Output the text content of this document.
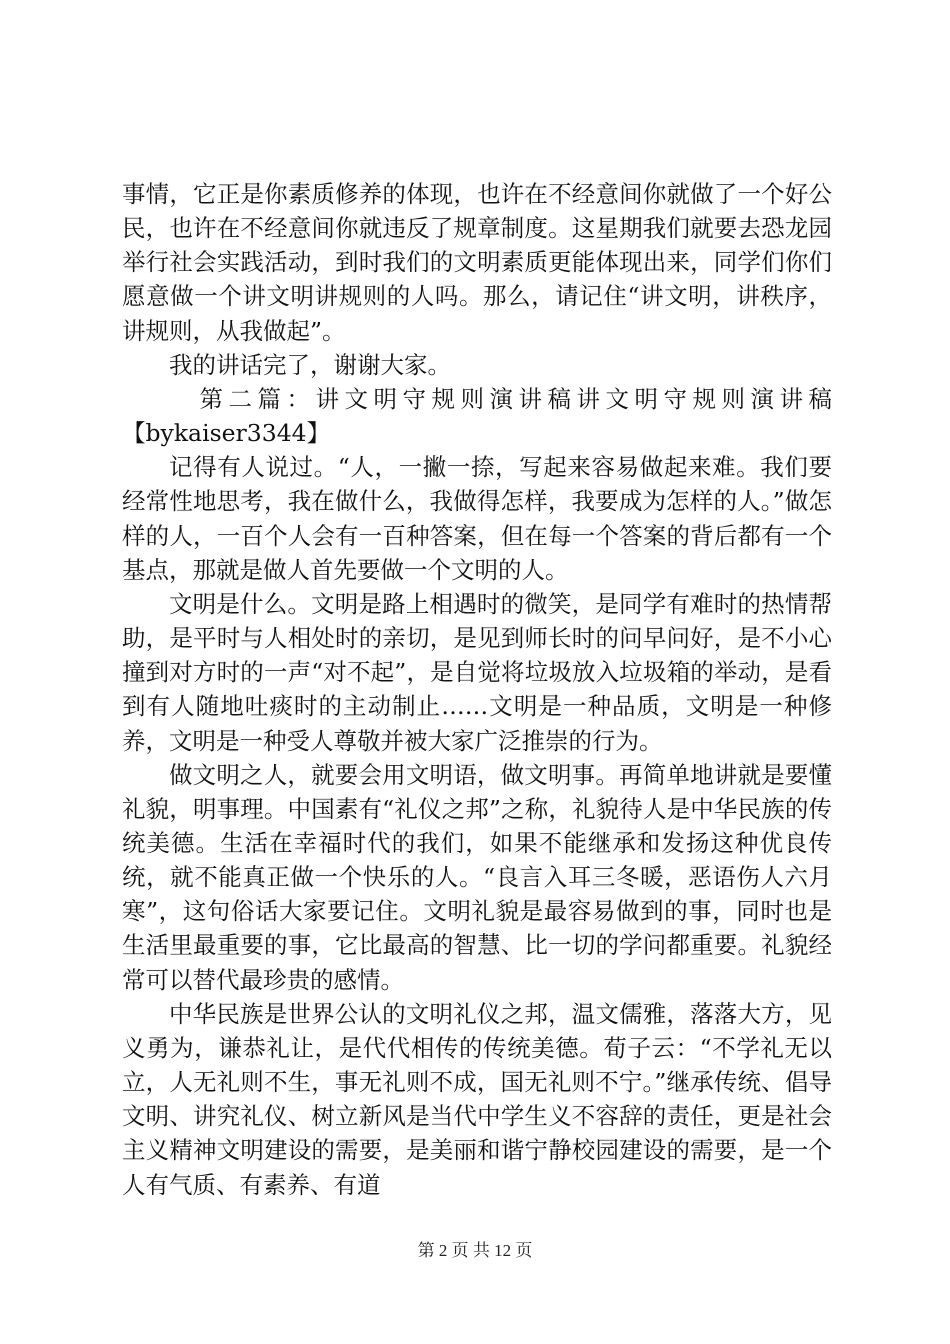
事情，它正是你素质修养的体现，也许在不经意间你就做了一个好公民，也许在不经意间你就违反了规章制度。这星期我们就要去恐龙园举行社会实践活动，到时我们的文明素质更能体现出来，同学们你们愿意做一个讲文明讲规则的人吗。那么，请记住“讲文明，讲秩序，讲规则，从我做起”。

我的讲话完了，谢谢大家。

第二篇：讲文明守规则演讲稿讲文明守规则演讲稿【bykaiser3344】

记得有人说过。“人，一撇一捺，写起来容易做起来难。我们要经常性地思考，我在做什么，我做得怎样，我要成为怎样的人。”做怎样的人，一百个人会有一百种答案，但在每一个答案的背后都有一个基点，那就是做人首先要做一个文明的人。

文明是什么。文明是路上相遇时的微笑，是同学有难时的热情帮助，是平时与人相处时的亲切，是见到师长时的问早问好，是不小心撞到对方时的一声“对不起”，是自觉将垃圾放入垃圾箱的举动，是看到有人随地吐痰时的主动制止……文明是一种品质，文明是一种修养，文明是一种受人尊敬并被大家广泛推崇的行为。

做文明之人，就要会用文明语，做文明事。再简单地讲就是要懂礼貌，明事理。中国素有“礼仪之邦”之称，礼貌待人是中华民族的传统美德。生活在幸福时代的我们，如果不能继承和发扬这种优良传统，就不能真正做一个快乐的人。“良言入耳三冬暖，恶语伤人六月寒”，这句俗话大家要记住。文明礼貌是最容易做到的事，同时也是生活里最重要的事，它比最高的智慧、比一切的学问都重要。礼貌经常可以替代最珍贵的感情。

中华民族是世界公认的文明礼仪之邦，温文儒雅，落落大方，见义勇为，谦恭礼让，是代代相传的传统美德。荀子云：“不学礼无以立，人无礼则不生，事无礼则不成，国无礼则不宁。”继承传统、倡导文明、讲究礼仪、树立新风是当代中学生义不容辞的责任，更是社会主义精神文明建设的需要，是美丽和谐宁静校园建设的需要，是一个人有气质、有素养、有道

第 2 页 共 12 页
